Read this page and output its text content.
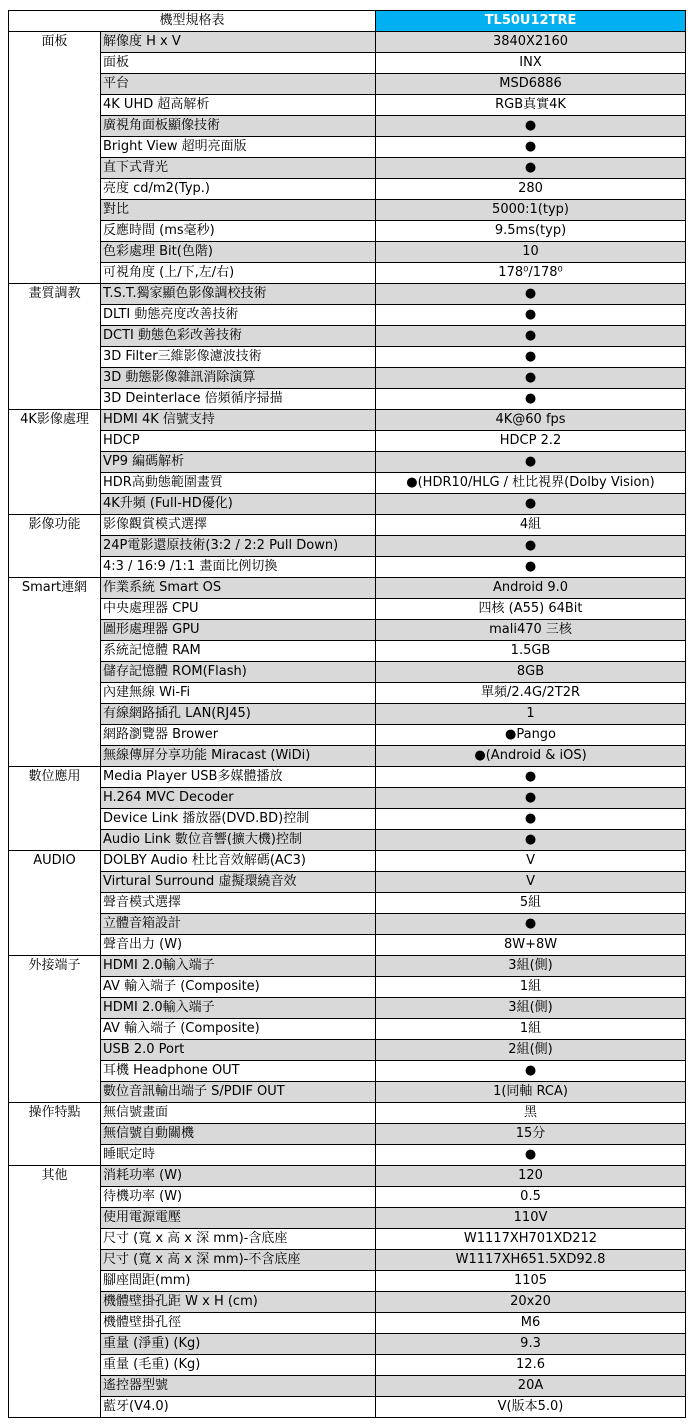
機型規格表		TL50U12TRE
面板	解像度 H x V	3840X2160
	面板	INX
	平台	MSD6886
	4K UHD 超高解析	RGB真實4K
	廣視角面板顯像技術	●
	Bright View 超明亮面版	●
	直下式背光	●
	亮度 cd/m2(Typ.)	280
	對比	5000:1(typ)
	反應時間 (ms毫秒)	9.5ms(typ)
	色彩處理 Bit(色階)	10
	可視角度 (上/下,左/右)	178⁰/178⁰
畫質調教	T.S.T.獨家顯色影像調校技術	●
	DLTI 動態亮度改善技術	●
	DCTI 動態色彩改善技術	●
	3D Filter三維影像濾波技術	●
	3D 動態影像雜訊消除演算	●
	3D Deinterlace 倍頻循序掃描	●
4K影像處理	HDMI 4K 信號支持	4K@60 fps
	HDCP	HDCP 2.2
	VP9 編碼解析	●
	HDR高動態範圍畫質	●(HDR10/HLG / 杜比視界(Dolby Vision)
	4K升頻 (Full-HD優化)	●
影像功能	影像觀賞模式選擇	4組
	24P電影還原技術(3:2 / 2:2 Pull Down)	●
	4:3 / 16:9 /1:1 畫面比例切換	●
Smart連網	作業系統 Smart OS	Android 9.0
	中央處理器 CPU	四核 (A55) 64Bit
	圖形處理器 GPU	mali470 三核
	系統記憶體 RAM	1.5GB
	儲存記憶體 ROM(Flash)	8GB
	內建無線 Wi-Fi	單頻/2.4G/2T2R
	有線網路插孔 LAN(RJ45)	1
	網路瀏覽器 Brower	●Pango
	無線傳屏分享功能 Miracast (WiDi)	●(Android & iOS)
數位應用	Media Player USB多媒體播放	●
	H.264 MVC Decoder	●
	Device Link 播放器(DVD.BD)控制	●
	Audio Link 數位音響(擴大機)控制	●
AUDIO	DOLBY Audio 杜比音效解碼(AC3)	V
	Virtural Surround 虛擬環繞音效	V
	聲音模式選擇	5組
	立體音箱設計	●
	聲音出力 (W)	8W+8W
外接端子	HDMI 2.0輸入端子	3組(側)
	AV 輸入端子 (Composite)	1組
	HDMI 2.0輸入端子	3組(側)
	AV 輸入端子 (Composite)	1組
	USB 2.0 Port	2組(側)
	耳機 Headphone OUT	●
	數位音訊輸出端子 S/PDIF OUT	1(同軸 RCA)
操作特點	無信號畫面	黑
	無信號自動關機	15分
	睡眠定時	●
其他	消耗功率 (W)	120
	待機功率 (W)	0.5
	使用電源電壓	110V
	尺寸 (寬 x 高 x 深 mm)-含底座	W1117XH701XD212
	尺寸 (寬 x 高 x 深 mm)-不含底座	W1117XH651.5XD92.8
	腳座間距(mm)	1105
	機體壁掛孔距 W x H (cm)	20x20
	機體壁掛孔徑	M6
	重量 (淨重) (Kg)	9.3
	重量 (毛重) (Kg)	12.6
	遙控器型號	20A
	藍牙(V4.0)	V(版本5.0)
